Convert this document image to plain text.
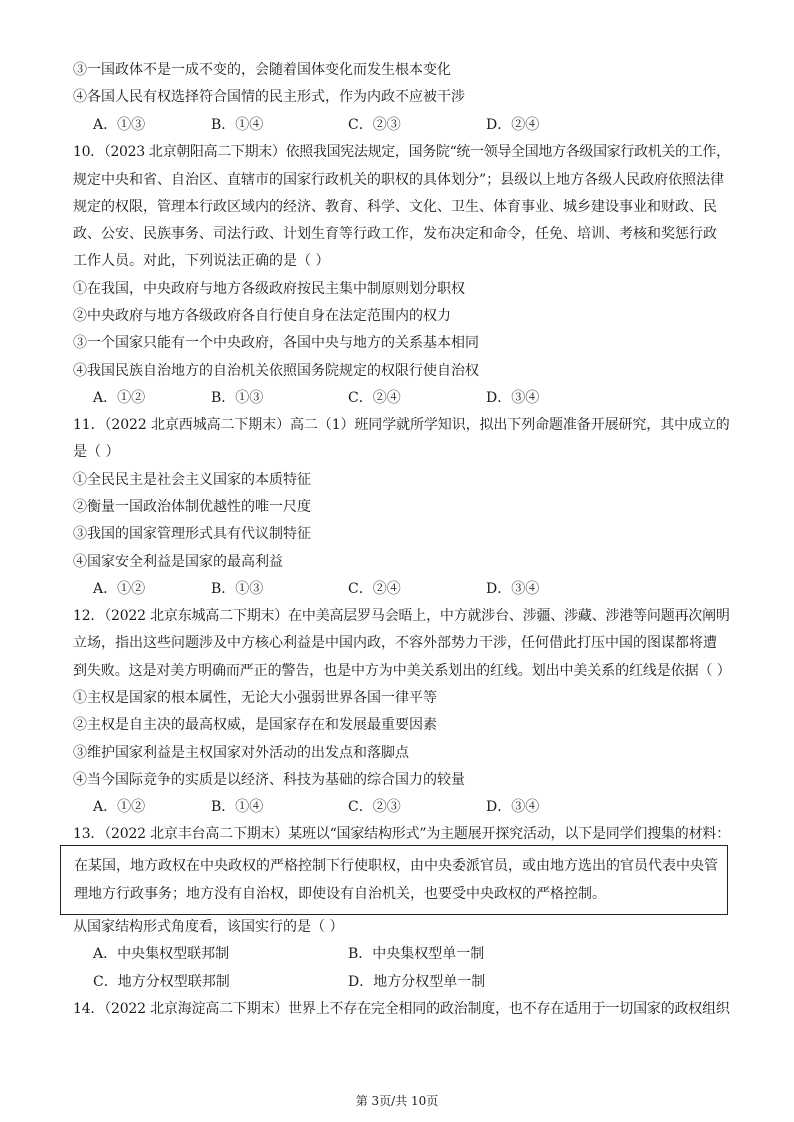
③一国政体不是一成不变的，会随着国体变化而发生根本变化
④各国人民有权选择符合国情的民主形式，作为内政不应被干涉
A．①③	B．①④	C．②③	D．②④
10．（2023 北京朝阳高二下期末）依照我国宪法规定，国务院“统一领导全国地方各级国家行政机关的工作，
规定中央和省、自治区、直辖市的国家行政机关的职权的具体划分”；县级以上地方各级人民政府依照法律
规定的权限，管理本行政区域内的经济、教育、科学、文化、卫生、体育事业、城乡建设事业和财政、民
政、公安、民族事务、司法行政、计划生育等行政工作，发布决定和命令，任免、培训、考核和奖惩行政
工作人员。对此，下列说法正确的是（ ）
①在我国，中央政府与地方各级政府按民主集中制原则划分职权
②中央政府与地方各级政府各自行使自身在法定范围内的权力
③一个国家只能有一个中央政府，各国中央与地方的关系基本相同
④我国民族自治地方的自治机关依照国务院规定的权限行使自治权
A．①②	B．①③	C．②④	D．③④
11．（2022 北京西城高二下期末）高二（1）班同学就所学知识，拟出下列命题准备开展研究，其中成立的
是（ ）
①全民民主是社会主义国家的本质特征
②衡量一国政治体制优越性的唯一尺度
③我国的国家管理形式具有代议制特征
④国家安全利益是国家的最高利益
A．①②	B．①③	C．②④	D．③④
12．（2022 北京东城高二下期末）在中美高层罗马会晤上，中方就涉台、涉疆、涉藏、涉港等问题再次阐明
立场，指出这些问题涉及中方核心利益是中国内政，不容外部势力干涉，任何借此打压中国的图谋都将遭
到失败。这是对美方明确而严正的警告，也是中方为中美关系划出的红线。划出中美关系的红线是依据（ ）
①主权是国家的根本属性，无论大小强弱世界各国一律平等
②主权是自主决的最高权威，是国家存在和发展最重要因素
③维护国家利益是主权国家对外活动的出发点和落脚点
④当今国际竞争的实质是以经济、科技为基础的综合国力的较量
A．①②	B．①④	C．②③	D．③④
13．（2022 北京丰台高二下期末）某班以“国家结构形式”为主题展开探究活动，以下是同学们搜集的材料：
在某国，地方政权在中央政权的严格控制下行使职权，由中央委派官员，或由地方选出的官员代表中央管
理地方行政事务；地方没有自治权，即使设有自治机关，也要受中央政权的严格控制。
从国家结构形式角度看，该国实行的是（ ）
A．中央集权型联邦制	B．中央集权型单一制
C．地方分权型联邦制	D．地方分权型单一制
14．（2022 北京海淀高二下期末）世界上不存在完全相同的政治制度，也不存在适用于一切国家的政权组织
第 3页/共 10页
